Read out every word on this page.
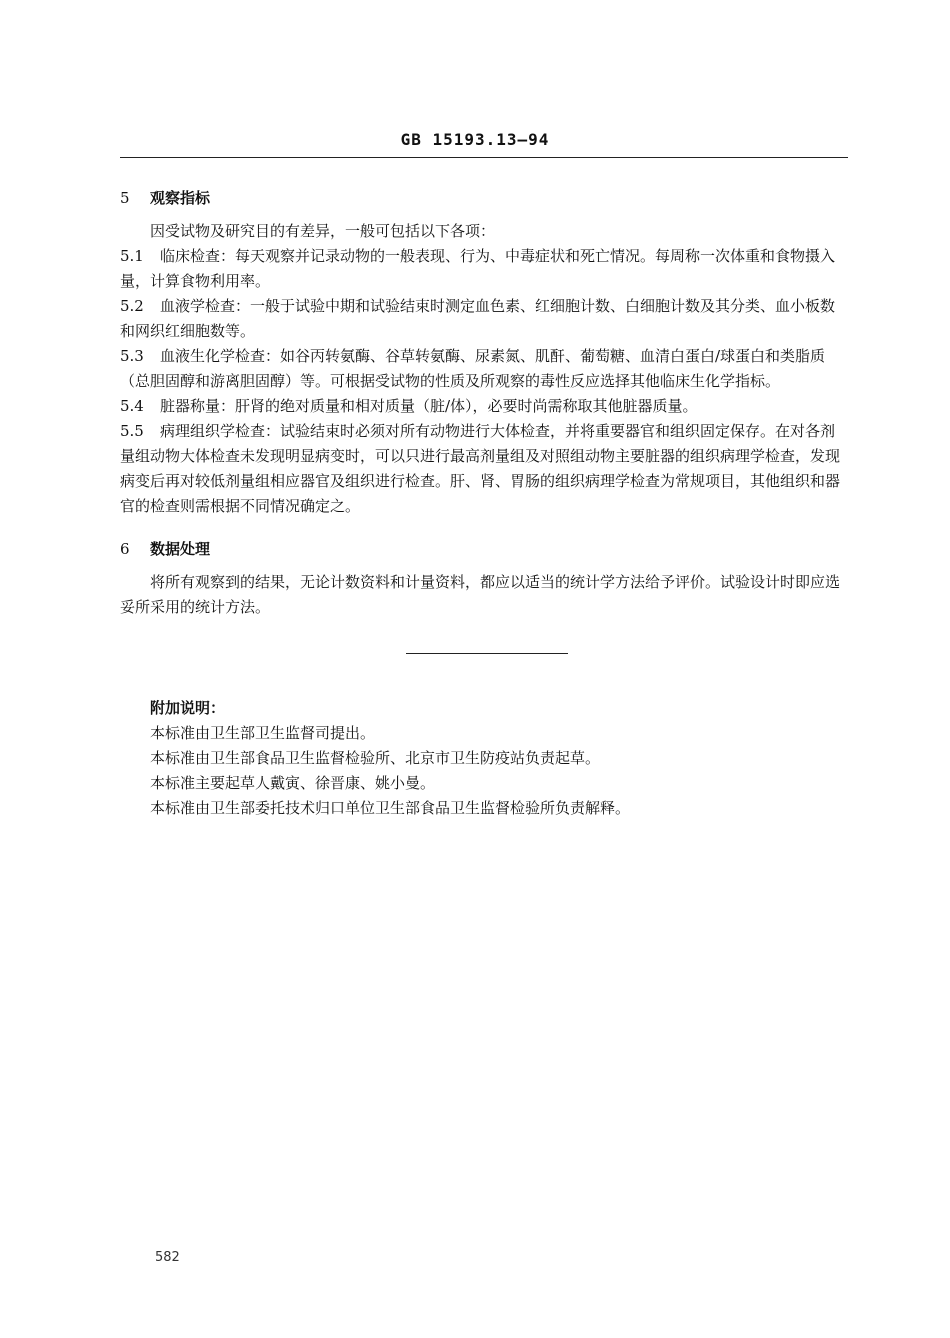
GB 15193.13—94
5 观察指标
因受试物及研究目的有差异，一般可包括以下各项：
5.1 临床检查：每天观察并记录动物的一般表现、行为、中毒症状和死亡情况。每周称一次体重和食物摄入量，计算食物利用率。
5.2 血液学检查：一般于试验中期和试验结束时测定血色素、红细胞计数、白细胞计数及其分类、血小板数和网织红细胞数等。
5.3 血液生化学检查：如谷丙转氨酶、谷草转氨酶、尿素氮、肌酐、葡萄糖、血清白蛋白/球蛋白和类脂质（总胆固醇和游离胆固醇）等。可根据受试物的性质及所观察的毒性反应选择其他临床生化学指标。
5.4 脏器称量：肝肾的绝对质量和相对质量（脏/体），必要时尚需称取其他脏器质量。
5.5 病理组织学检查：试验结束时必须对所有动物进行大体检查，并将重要器官和组织固定保存。在对各剂量组动物大体检查未发现明显病变时，可以只进行最高剂量组及对照组动物主要脏器的组织病理学检查，发现病变后再对较低剂量组相应器官及组织进行检查。肝、肾、胃肠的组织病理学检查为常规项目，其他组织和器官的检查则需根据不同情况确定之。
6 数据处理
将所有观察到的结果，无论计数资料和计量资料，都应以适当的统计学方法给予评价。试验设计时即应选妥所采用的统计方法。
附加说明：
本标准由卫生部卫生监督司提出。
本标准由卫生部食品卫生监督检验所、北京市卫生防疫站负责起草。
本标准主要起草人戴寅、徐晋康、姚小曼。
本标准由卫生部委托技术归口单位卫生部食品卫生监督检验所负责解释。
582
